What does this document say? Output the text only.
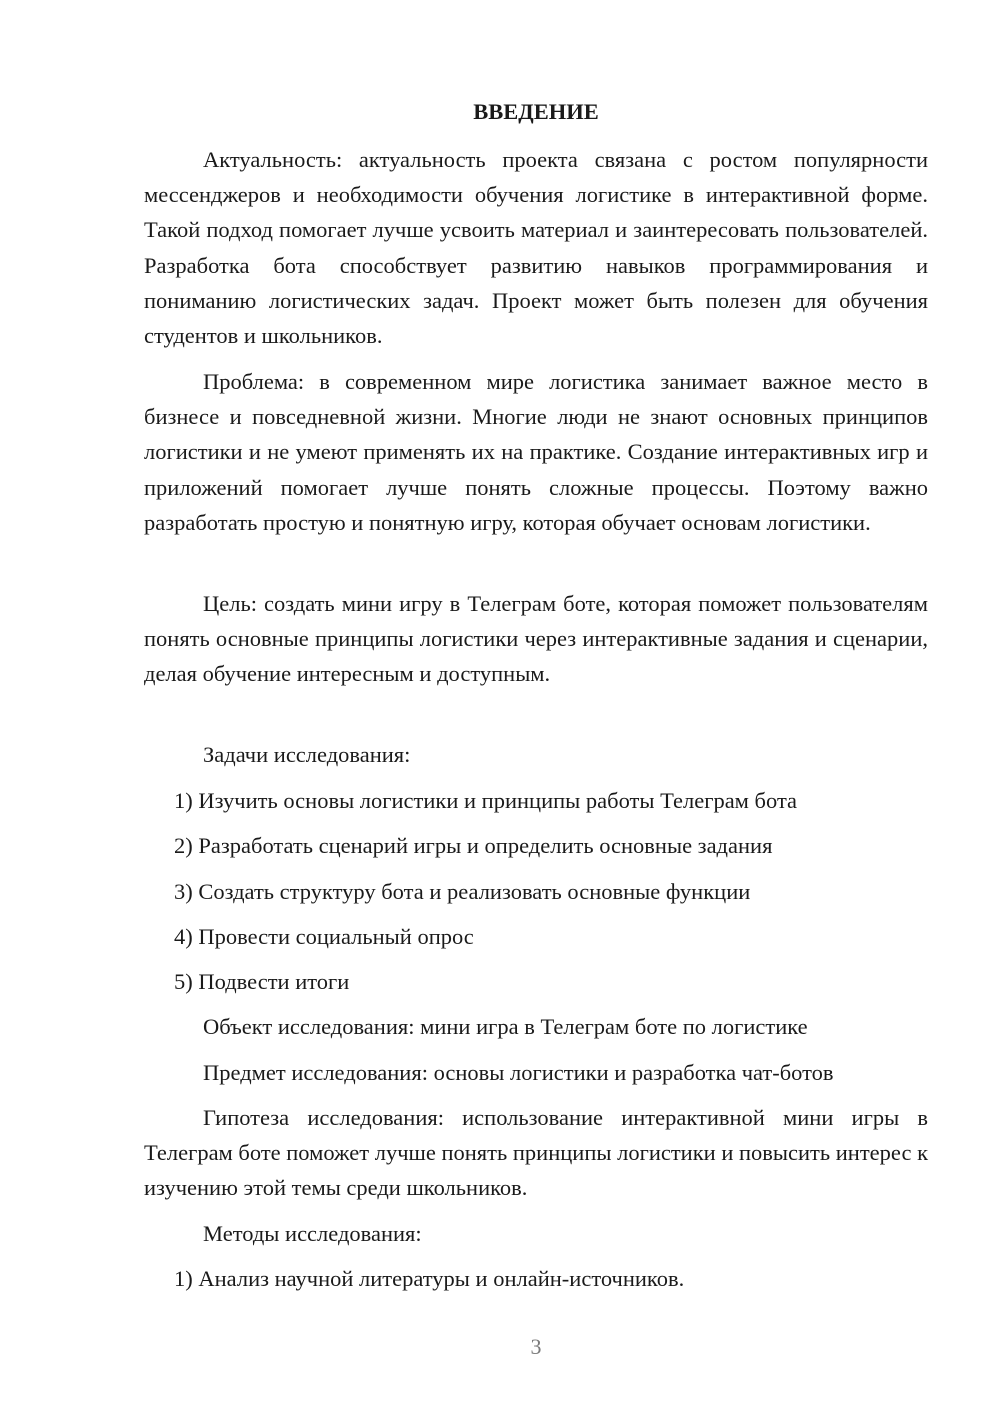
ВВЕДЕНИЕ

Актуальность: актуальность проекта связана с ростом популярности мессенджеров и необходимости обучения логистике в интерактивной форме. Такой подход помогает лучше усвоить материал и заинтересовать пользователей. Разработка бота способствует развитию навыков программирования и пониманию логистических задач. Проект может быть полезен для обучения студентов и школьников.

Проблема: в современном мире логистика занимает важное место в бизнесе и повседневной жизни. Многие люди не знают основных принципов логистики и не умеют применять их на практике. Создание интерактивных игр и приложений помогает лучше понять сложные процессы. Поэтому важно разработать простую и понятную игру, которая обучает основам логистики.

Цель: создать мини игру в Телеграм боте, которая поможет пользователям понять основные принципы логистики через интерактивные задания и сценарии, делая обучение интересным и доступным.

Задачи исследования:

1) Изучить основы логистики и принципы работы Телеграм бота

2) Разработать сценарий игры и определить основные задания

3) Создать структуру бота и реализовать основные функции

4) Провести социальный опрос

5) Подвести итоги

Объект исследования: мини игра в Телеграм боте по логистике

Предмет исследования: основы логистики и разработка чат-ботов

Гипотеза исследования: использование интерактивной мини игры в Телеграм боте поможет лучше понять принципы логистики и повысить интерес к изучению этой темы среди школьников.

Методы исследования:

1) Анализ научной литературы и онлайн-источников.

3
